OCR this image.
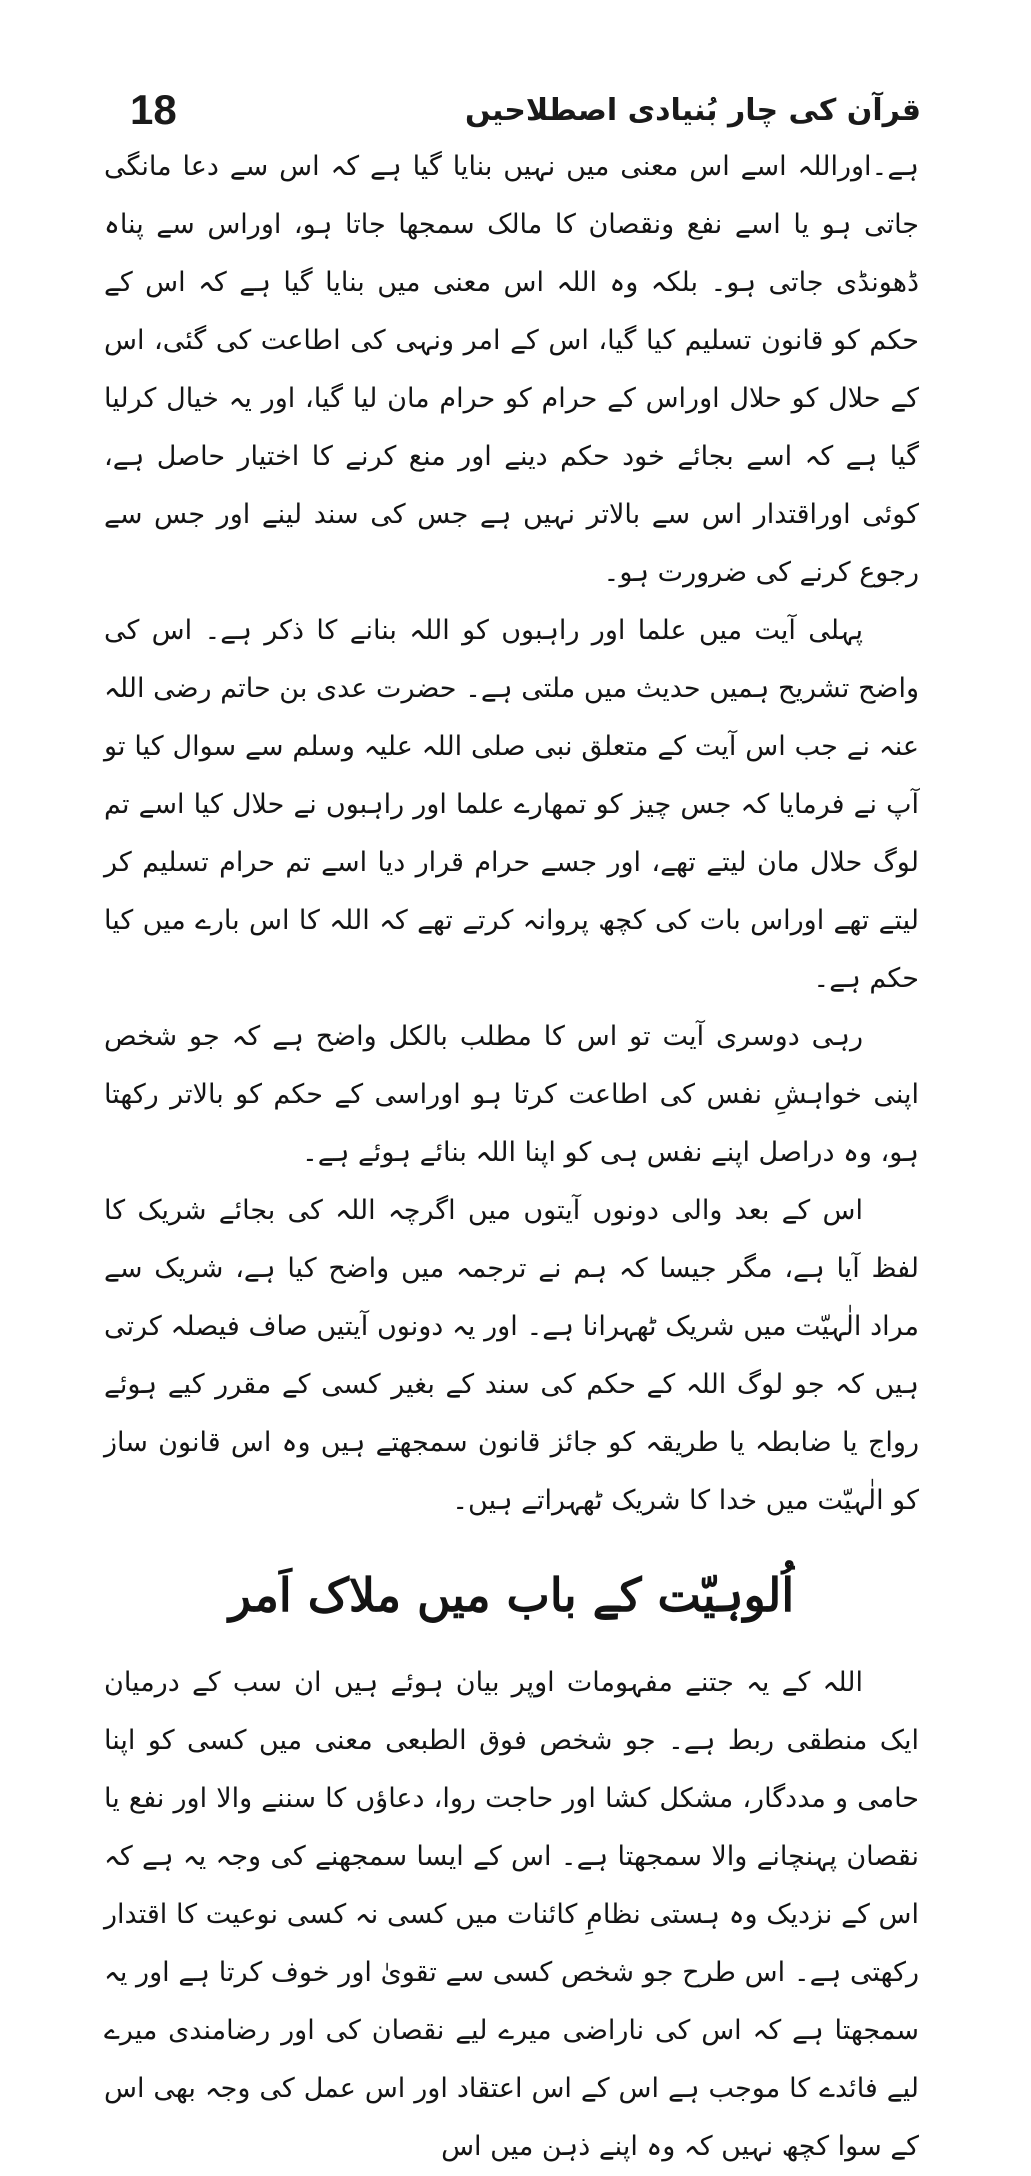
18	قرآن کی چار بُنیادی اصطلاحیں

ہے۔اوراللہ اسے اس معنی میں نہیں بنایا گیا ہے کہ اس سے دعا مانگی جاتی ہو یا اسے نفع ونقصان کا مالک سمجھا جاتا ہو، اوراس سے پناہ ڈھونڈی جاتی ہو۔ بلکہ وہ اللہ اس معنی میں بنایا گیا ہے کہ اس کے حکم کو قانون تسلیم کیا گیا، اس کے امر ونہی کی اطاعت کی گئی، اس کے حلال کو حلال اوراس کے حرام کو حرام مان لیا گیا، اور یہ خیال کرلیا گیا ہے کہ اسے بجائے خود حکم دینے اور منع کرنے کا اختیار حاصل ہے، کوئی اوراقتدار اس سے بالاتر نہیں ہے جس کی سند لینے اور جس سے رجوع کرنے کی ضرورت ہو۔

پہلی آیت میں علما اور راہبوں کو اللہ بنانے کا ذکر ہے۔ اس کی واضح تشریح ہمیں حدیث میں ملتی ہے۔ حضرت عدی بن حاتم رضی اللہ عنہ نے جب اس آیت کے متعلق نبی صلی اللہ علیہ وسلم سے سوال کیا تو آپ نے فرمایا کہ جس چیز کو تمھارے علما اور راہبوں نے حلال کیا اسے تم لوگ حلال مان لیتے تھے، اور جسے حرام قرار دیا اسے تم حرام تسلیم کر لیتے تھے اوراس بات کی کچھ پروانہ کرتے تھے کہ اللہ کا اس بارے میں کیا حکم ہے۔

رہی دوسری آیت تو اس کا مطلب بالکل واضح ہے کہ جو شخص اپنی خواہشِ نفس کی اطاعت کرتا ہو اوراسی کے حکم کو بالاتر رکھتا ہو، وہ دراصل اپنے نفس ہی کو اپنا اللہ بنائے ہوئے ہے۔

اس کے بعد والی دونوں آیتوں میں اگرچہ اللہ کی بجائے شریک کا لفظ آیا ہے، مگر جیسا کہ ہم نے ترجمہ میں واضح کیا ہے، شریک سے مراد الٰہیّت میں شریک ٹھہرانا ہے۔ اور یہ دونوں آیتیں صاف فیصلہ کرتی ہیں کہ جو لوگ اللہ کے حکم کی سند کے بغیر کسی کے مقرر کیے ہوئے رواج یا ضابطہ یا طریقہ کو جائز قانون سمجھتے ہیں وہ اس قانون ساز کو الٰہیّت میں خدا کا شریک ٹھہراتے ہیں۔

اُلوہیّت کے باب میں ملاک اَمر

اللہ کے یہ جتنے مفہومات اوپر بیان ہوئے ہیں ان سب کے درمیان ایک منطقی ربط ہے۔ جو شخص فوق الطبعی معنی میں کسی کو اپنا حامی و مددگار، مشکل کشا اور حاجت روا، دعاؤں کا سننے والا اور نفع یا نقصان پہنچانے والا سمجھتا ہے۔ اس کے ایسا سمجھنے کی وجہ یہ ہے کہ اس کے نزدیک وہ ہستی نظامِ کائنات میں کسی نہ کسی نوعیت کا اقتدار رکھتی ہے۔ اس طرح جو شخص کسی سے تقویٰ اور خوف کرتا ہے اور یہ سمجھتا ہے کہ اس کی ناراضی میرے لیے نقصان کی اور رضامندی میرے لیے فائدے کا موجب ہے اس کے اس اعتقاد اور اس عمل کی وجہ بھی اس کے سوا کچھ نہیں کہ وہ اپنے ذہن میں اس
